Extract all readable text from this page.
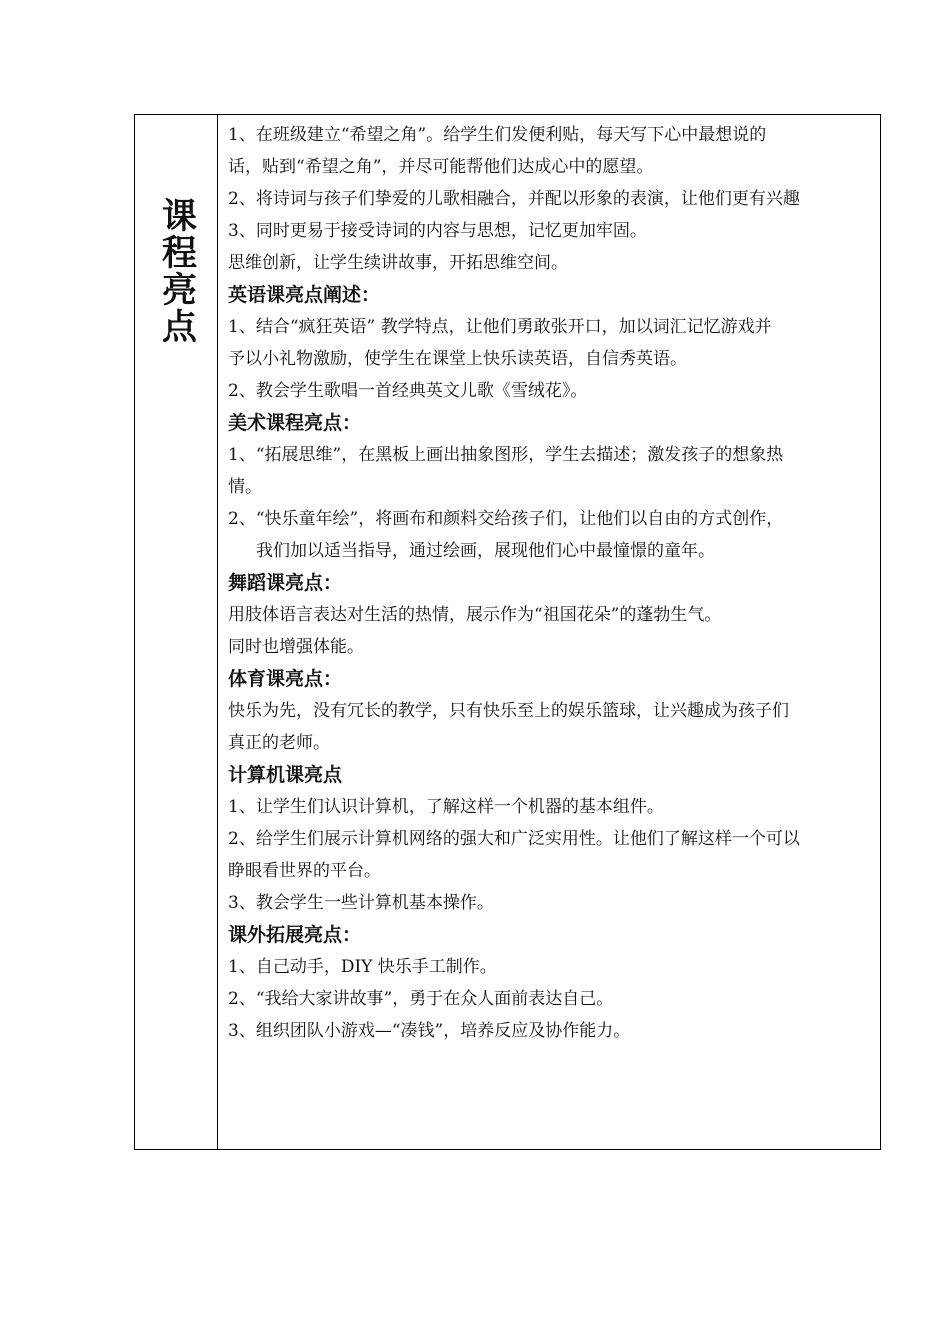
课程亮点
1、在班级建立“希望之角”。给学生们发便利贴，每天写下心中最想说的
话，贴到“希望之角”，并尽可能帮他们达成心中的愿望。
2、将诗词与孩子们挚爱的儿歌相融合，并配以形象的表演，让他们更有兴趣
3、同时更易于接受诗词的内容与思想，记忆更加牢固。
思维创新，让学生续讲故事，开拓思维空间。
英语课亮点阐述：
1、结合“疯狂英语” 教学特点，让他们勇敢张开口，加以词汇记忆游戏并
予以小礼物激励，使学生在课堂上快乐读英语，自信秀英语。
2、教会学生歌唱一首经典英文儿歌《雪绒花》。
美术课程亮点：
1、“拓展思维”，在黑板上画出抽象图形，学生去描述；激发孩子的想象热
情。
2、“快乐童年绘”，将画布和颜料交给孩子们，让他们以自由的方式创作，
我们加以适当指导，通过绘画，展现他们心中最憧憬的童年。
舞蹈课亮点：
用肢体语言表达对生活的热情，展示作为“祖国花朵”的蓬勃生气。
同时也增强体能。
体育课亮点：
快乐为先，没有冗长的教学，只有快乐至上的娱乐篮球，让兴趣成为孩子们
真正的老师。
计算机课亮点
1、让学生们认识计算机，了解这样一个机器的基本组件。
2、给学生们展示计算机网络的强大和广泛实用性。让他们了解这样一个可以
睁眼看世界的平台。
3、教会学生一些计算机基本操作。
课外拓展亮点：
1、自己动手，DIY 快乐手工制作。
2、“我给大家讲故事”，勇于在众人面前表达自己。
3、组织团队小游戏—“凑钱”，培养反应及协作能力。
